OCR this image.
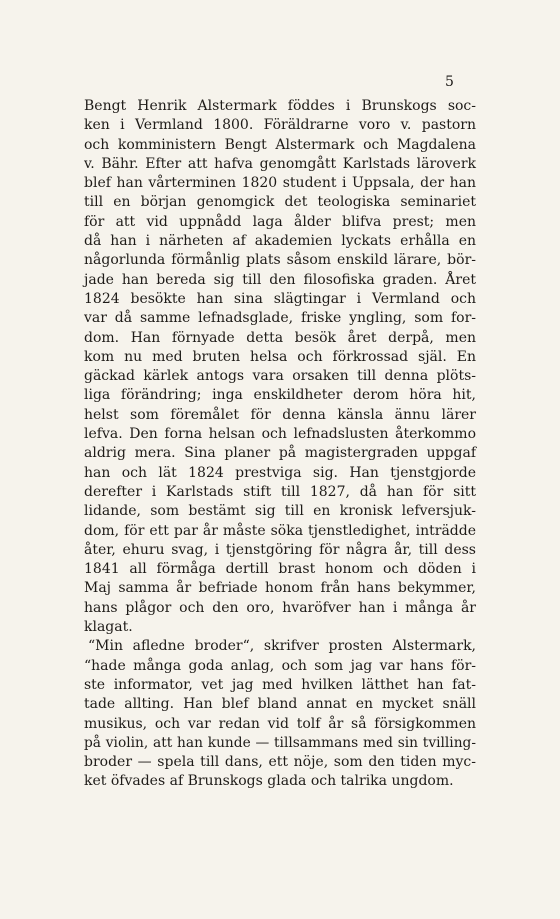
5
Bengt Henrik Alstermark föddes i Brunskogs soc-
ken i Vermland 1800. Föräldrarne voro v. pastorn
och komministern Bengt Alstermark och Magdalena
v. Bähr. Efter att hafva genomgått Karlstads läroverk
blef han vårterminen 1820 student i Uppsala, der han
till en början genomgick det teologiska seminariet
för att vid uppnådd laga ålder blifva prest; men
då han i närheten af akademien lyckats erhålla en
någorlunda förmånlig plats såsom enskild lärare, bör-
jade han bereda sig till den filosofiska graden. Året
1824 besökte han sina slägtingar i Vermland och
var då samme lefnadsglade, friske yngling, som for-
dom. Han förnyade detta besök året derpå, men
kom nu med bruten helsa och förkrossad själ. En
gäckad kärlek antogs vara orsaken till denna plöts-
liga förändring; inga enskildheter derom höra hit,
helst som föremålet för denna känsla ännu lärer
lefva. Den forna helsan och lefnadslusten återkommo
aldrig mera. Sina planer på magistergraden uppgaf
han och lät 1824 prestviga sig. Han tjenstgjorde
derefter i Karlstads stift till 1827, då han för sitt
lidande, som bestämt sig till en kronisk lefversjuk-
dom, för ett par år måste söka tjenstledighet, inträdde
åter, ehuru svag, i tjenstgöring för några år, till dess
1841 all förmåga dertill brast honom och döden i
Maj samma år befriade honom från hans bekymmer,
hans plågor och den oro, hvaröfver han i många år
klagat.
“Min afledne broder“, skrifver prosten Alstermark,
“hade många goda anlag, och som jag var hans för-
ste informator, vet jag med hvilken lätthet han fat-
tade allting. Han blef bland annat en mycket snäll
musikus, och var redan vid tolf år så försigkommen
på violin, att han kunde — tillsammans med sin tvilling-
broder — spela till dans, ett nöje, som den tiden myc-
ket öfvades af Brunskogs glada och talrika ungdom.
